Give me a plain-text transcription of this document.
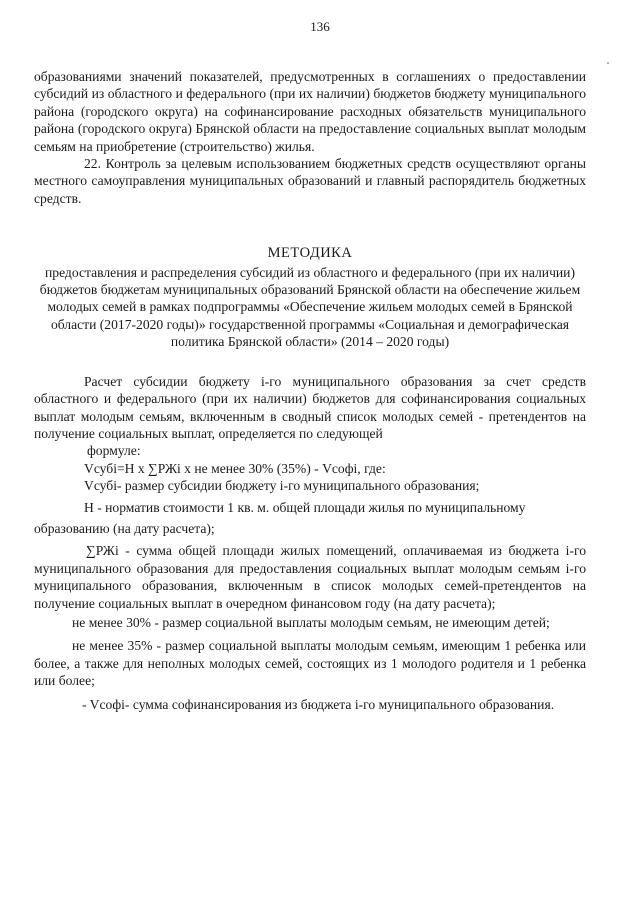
136

образованиями значений показателей, предусмотренных в соглашениях о предоставлении субсидий из областного и федерального (при их наличии) бюджетов бюджету муниципального района (городского округа) на софинансирование расходных обязательств муниципального района (городского округа) Брянской области на предоставление социальных выплат молодым семьям на приобретение (строительство) жилья.

22. Контроль за целевым использованием бюджетных средств осуществляют органы местного самоуправления муниципальных образований и главный распорядитель бюджетных средств.

МЕТОДИКА

предоставления и распределения субсидий из областного и федерального (при их наличии) бюджетов бюджетам муниципальных образований Брянской области на обеспечение жильем молодых семей в рамках подпрограммы «Обеспечение жильем молодых семей в Брянской области (2017-2020 годы)» государственной программы «Социальная и демографическая политика Брянской области» (2014 – 2020 годы)

Расчет субсидии бюджету i-го муниципального образования за счет средств областного и федерального (при их наличии) бюджетов для софинансирования социальных выплат молодым семьям, включенным в сводный список молодых семей - претендентов на получение социальных выплат, определяется по следующей

формуле:

Vсубi=Н х ∑РЖi х не менее 30% (35%) - Vсофi, где:

Vсубi- размер субсидии бюджету i-го муниципального образования;

Н - норматив стоимости 1 кв. м. общей площади жилья по муниципальному

образованию (на дату расчета);

∑РЖi - сумма общей площади жилых помещений, оплачиваемая из бюджета i-го муниципального образования для предоставления социальных выплат молодым семьям i-го муниципального образования, включенным в список молодых семей-претендентов на получение социальных выплат в очередном финансовом году (на дату расчета);

не менее 30% - размер социальной выплаты молодым семьям, не имеющим детей;

не менее 35% - размер социальной выплаты молодым семьям, имеющим 1 ребенка или более, а также для неполных молодых семей, состоящих из 1 молодого родителя и 1 ребенка или более;

- Vсофi- сумма софинансирования из бюджета i-го муниципального образования.
